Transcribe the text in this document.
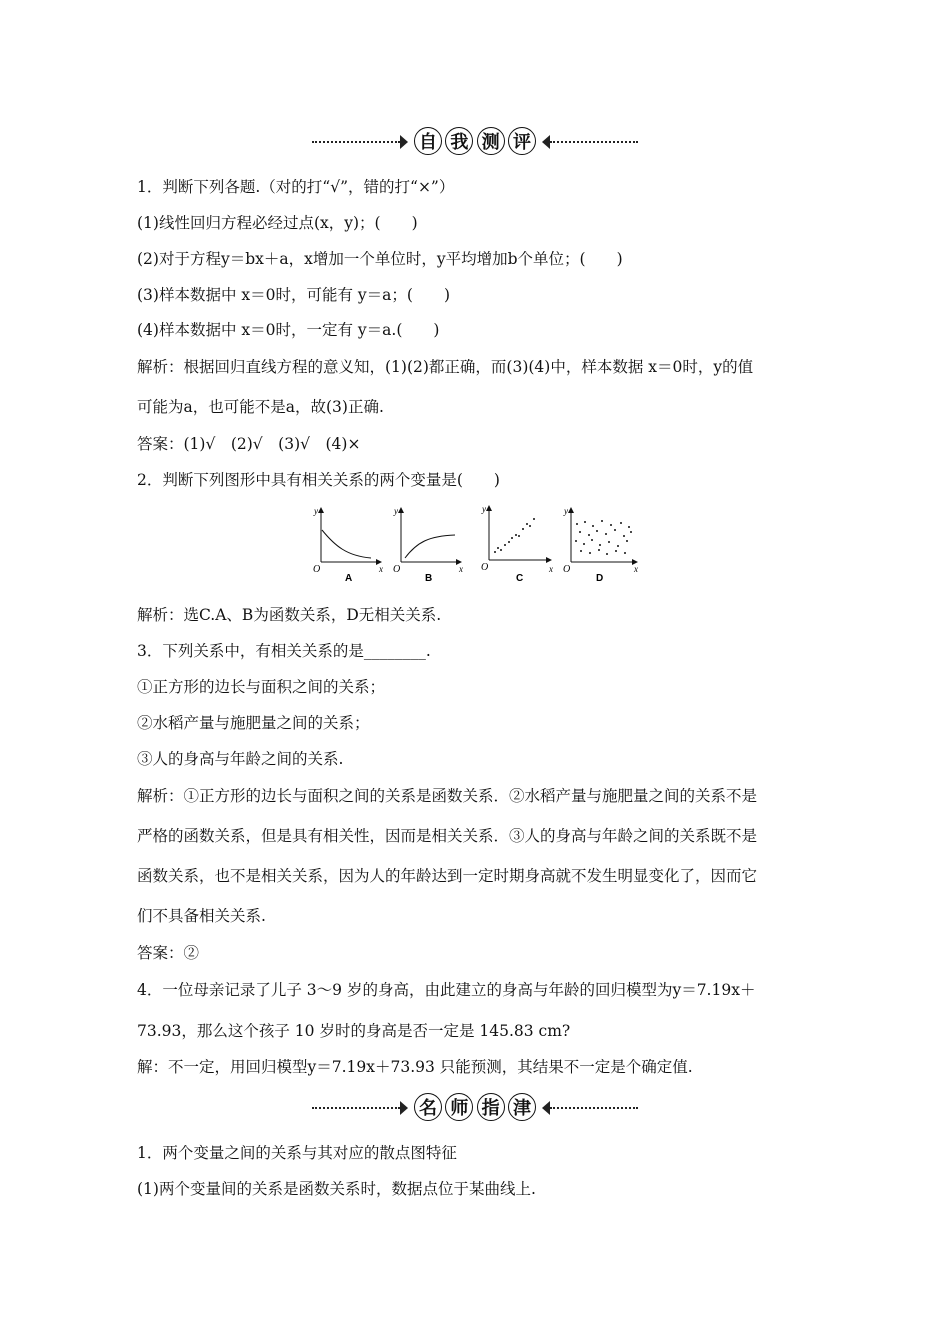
自 我 测 评
1．判断下列各题.（对的打“√”，错的打“×”）
(1)线性回归方程必经过点(x，y)；(　　)
(2)对于方程y＝bx＋a，x增加一个单位时，y平均增加b个单位；(　　)
(3)样本数据中 x＝0时，可能有 y＝a；(　　)
(4)样本数据中 x＝0时，一定有 y＝a.(　　)
解析：根据回归直线方程的意义知，(1)(2)都正确，而(3)(4)中，样本数据 x＝0时，y的值
可能为a，也可能不是a，故(3)正确.
答案：(1)√　(2)√　(3)√　(4)×
2．判断下列图形中具有相关关系的两个变量是(　　)
O	x
y
A
O	x
y
B
O	x
y
C
O	x
y
D
解析：选C.A、B为函数关系，D无相关关系.
3．下列关系中，有相关关系的是________.
①正方形的边长与面积之间的关系；
②水稻产量与施肥量之间的关系；
③人的身高与年龄之间的关系.
解析：①正方形的边长与面积之间的关系是函数关系．②水稻产量与施肥量之间的关系不是
严格的函数关系，但是具有相关性，因而是相关关系．③人的身高与年龄之间的关系既不是
函数关系，也不是相关关系，因为人的年龄达到一定时期身高就不发生明显变化了，因而它
们不具备相关关系.
答案：②
4．一位母亲记录了儿子 3～9 岁的身高，由此建立的身高与年龄的回归模型为y＝7.19x＋
73.93，那么这个孩子 10 岁时的身高是否一定是 145.83 cm?
解：不一定，用回归模型y＝7.19x＋73.93 只能预测，其结果不一定是个确定值.
名 师 指 津
1．两个变量之间的关系与其对应的散点图特征
(1)两个变量间的关系是函数关系时，数据点位于某曲线上.
